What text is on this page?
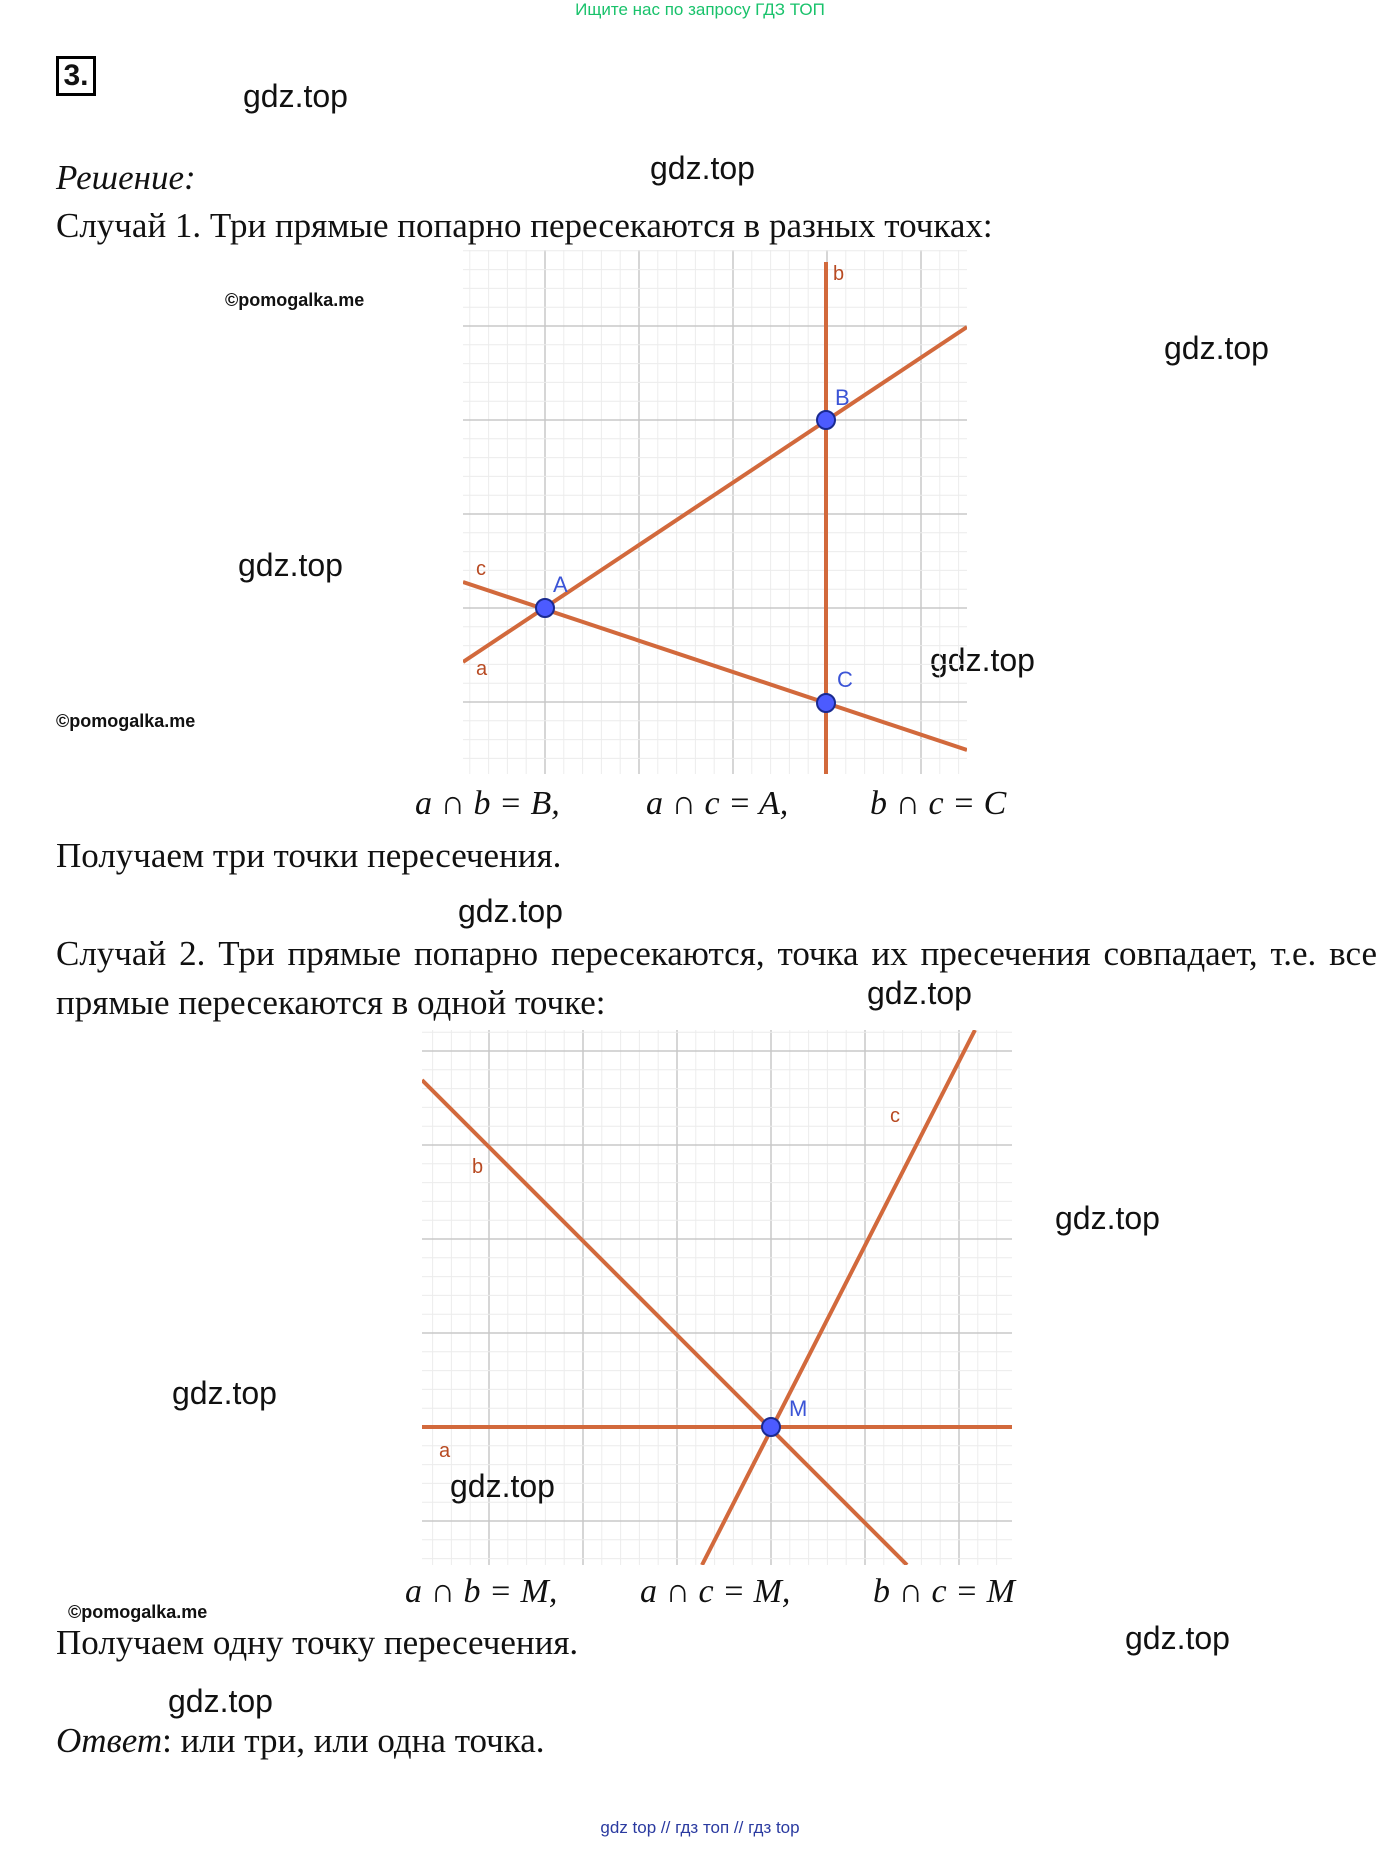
Ищите нас по запросу ГДЗ ТОП
3.
gdz.top
Решение:	gdz.top
Случай 1. Три прямые попарно пересекаются в разных точках:
©pomogalka.me
gdz.top
gdz.top
gdz.top
©pomogalka.me
b
c
a
A
B
C
a ∩ b = B,	a ∩ c = A, b ∩ c = C
Получаем три точки пересечения.
gdz.top
Случай 2. Три прямые попарно пересекаются, точка их пресечения совпадает, т.е. все
прямые пересекаются в одной точке:	gdz.top
b
c
a
M
gdz.top
gdz.top
gdz.top
a ∩ b = M, a ∩ c = M, b ∩ c = M
©pomogalka.me
Получаем одну точку пересечения.	gdz.top
gdz.top
Ответ: или три, или одна точка.
gdz top // гдз топ // гдз top
